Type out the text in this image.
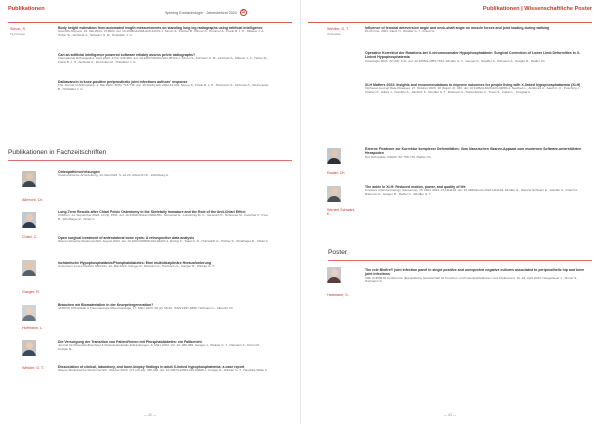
Publikationen
Spiering Endokrinologie · Jahresbericht 2023 S
Simon, S.
Psychologie
Body height estimation from automated length measurements on standing long leg radiographs using artificial intelligence
Scientific Reports, 23. Mai 2023. 13:8504. doi: 10.1038/s41598-023-34670-1. Simon S., Fischer B., Rinner A., Hummer A., Frank B. J. H., Mitterer J. A., Huber St., Aichmair A., Schwarz G. M., Hofstätter J. G.
Can an artificial intelligence powered software reliably assess pelvic radiographs?
International Orthopaedics. April 2023. 47(4): 945-953. doi: 10.1007/s00264-023-05722-z. Simon S., Schwarz G. M., Aichmair A., Mitterer J. A., Huber St., Frank B. J. H., Aichmair A., Dominkus M., Hofstätter J. G.
Dalbavancin in knee-positive periprosthetic joint infections authors' response
The Journal of Arthroplasty. 1. Mai 2023. 38(5): 715-716. doi: 10.1016/j.arth.2022.12.001. Simon S., Frank B. J. H., Hartmann S., Aichmair A., Stelzeneder B., Hofstätter J. G.
Publikationen in Fachzeitschriften
Albrecht, Ch.
Osteopathieverletzungen
Österreichische Ärztezeitung, 10. Mai 2023. S. 22-23. Albrecht Ch., Zetlitzberg A.
Chiari, C.
Long-Term Results after Chiari Pelvic Osteotomy in the Skeletally Immature and the Role of the Anti-Chiari Effect
Children. 14. September 2023. 10 (9): 1551. doi: 10.3390/children10091551. Schneider E., Lutschinig M. C., Vertesich K., Schreiner M., Pelscher P., Kvia B., Windhager R., Chiari C.
Open surgical treatment of anterolateral bone cysts: A retrospective data analysis
Wiener klinische Wochenschrift. August 2023. doi: 10.1007/s00508-023-02267-4. Döring K., Staat G. D., Holzwärth G., Pichler S., Windhager R., Chiari C.
Ganger, R.
Ischämische Hypophosphatämie/Phosphatdiabetes: Eine multidisziplinäre Herausforderung
Universum Innere Medizin 3/09.041. 10. Mai 2023. Ganger R., Raimann A., Hartmann S., Ganger R., Winkler G. T.
Hoffmann, L.
Brauchen wir Biomaterialien in der Knorpelregeneration?
JATROS Orthopädie & Traumatologie Rheumatologie. 17. März 2023. 28 (2): 59-62. ISSN 1997-8308. Hoffmann L., Albrecht Ch.
Winkler, G. T.
Die Versorgung der Transition von Patient*innen mit Phosphatdiabetes: ein Fallbericht
Journal für Mineralstoffwechsel & Muskuloskelettale Erkrankungen. 8. März 2023. Vol. 22: 386-389. Ganger J., Winkler G. T., Raimann A., Dormi M., Kocijan R.
Dissociation of clinical, laboratory, and bone-biopsy findings in adult X-linked hypophosphatemia: a case report
Wiener Medizinische Wochenschrift. Oktober 2023. 173 (15-16): 335-346. doi: 10.1007/s10354-022-00806-x. Kocijan R., Winkler G. T., Haschka-Wilde A.
— 42 —
Publikationen | Wissenschaftliche Poster
Windler, G. T.
Orthopädie
Influence of femoral anteversion angle and neck-shaft angle on muscle forces and joint loading during walking
PLoS One. 2023. Kainz H., Windler G. T., Kranzl A.
Operative Korrektur der Rotations-bei X-chromosomaler Hypophosphatämie: Surgical Correction of Lower Limb Deformities in X-Linked Hypophosphatemia
Osteologie 2023. 32 (03): 6-11. doi: 10.1055/a-1955-7154. Windler G. T., Ganger R., Stauffer A., Raimann A., Kocijan R., Radler Ch.
XLH Matters 2022: Insights and recommendations to improve outcomes for people living with X-linked hypophosphataemia (XLH)
Orphanet Journal Rare Diseases. 27. Oktober 2023. 18 (Suppl. 2): 333. doi: 10.1186/s13023-023-02883-4. Seefried L., Alzahrani A., Satoh K. K., Puschnig J., Chaney P., Gillies J., Giardino A., Jandl M. K., Windler G. T., Raimann A., Hohenfellner A., Turan S., Zudan L., Czegbal A.
Radler, Ch.
Externe Fixateure zur Korrektur komplexer Deformitäten: Vom klassischen Ilizarov-Apparat zum modernen Software-unterstützten Hexapoden
Der Orthopäde. 6/2023. 52: 758-770. Radler Ch.
Wenzel Schwarz, E.
The ankle in XLH: Reduced motion, power, and quality of life
Frontiers in Endocrinology (Lausanne). 15. März 2023. 14:1111104. doi: 10.3389/fendo.2023.1111104. Mindler G., Wenzel-Schwarz E., Stauffer A., Kranzl A., Raimann A., Ganger R., Radler C., Windler G. T.
Poster
Hartmann, S.
The role Biofire® joint infection panel in single positive and unexpected negative cultures associated to periprosthetic hip and knee joint infections
30th ICJR/MJO Conference (Europäische Gesellschaft für Knochen- und Gelenksinfektionen und Infektionen), 15.-18. April 2023. Neugebauer J., Simon S., Hartmann S.
— 43 —
